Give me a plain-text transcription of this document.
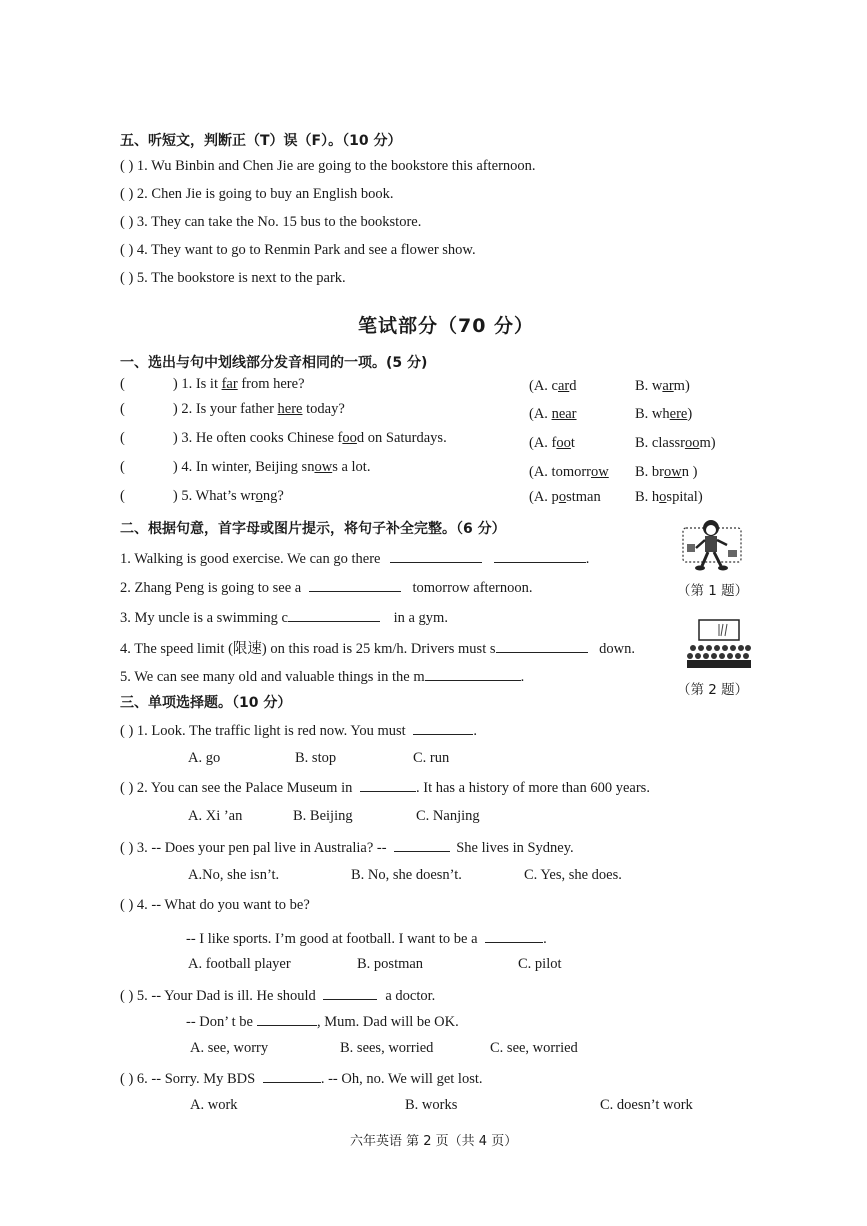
五、听短文，判断正（T）误（F）。（10 分）
( ) 1. Wu Binbin and Chen Jie are going to the bookstore this afternoon.
( ) 2. Chen Jie is going to buy an English book.
( ) 3. They can take the No. 15 bus to the bookstore.
( ) 4. They want to go to Renmin Park and see a flower show.
( ) 5. The bookstore is next to the park.
笔试部分（70 分）
一、选出与句中划线部分发音相同的一项。(5 分)
(	) 1. Is it far from here?	(A. card	B. warm)
(	) 2. Is your father here today?	(A. near	B. where)
(	) 3. He often cooks Chinese food on Saturdays.	(A. foot	B. classroom)
(	) 4. In winter, Beijing snows a lot.	(A. tomorrow B. brown )
(	) 5. What’s wrong?	(A. postman B. hospital)
二、根据句意，首字母或图片提示，将句子补全完整。（6 分）
1. Walking is good exercise. We can go there	.
2. Zhang Peng is going to see a	tomorrow afternoon.
3. My uncle is a swimming c	in a gym.
4. The speed limit (限速) on this road is 25 km/h. Drivers must s	down.
5. We can see many old and valuable things in the m	.
（第 1 题）
（第 2 题）
三、单项选择题。（10 分）
( ) 1. Look. The traffic light is red now. You must	.
A. go	B. stop	C. run
( ) 2. You can see the Palace Museum in	. It has a history of more than 600 years.
A. Xi ’an	B. Beijing	C. Nanjing
( ) 3. -- Does your pen pal live in Australia? --	She lives in Sydney.
A.No, she isn’t.	B. No, she doesn’t.	C. Yes, she does.
( ) 4. -- What do you want to be?
-- I like sports. I’m good at football. I want to be a	.
A. football player	B. postman	C. pilot
( ) 5. -- Your Dad is ill. He should	a doctor.
-- Don’ t be	, Mum. Dad will be OK.
A. see, worry	B. sees, worried	C. see, worried
( ) 6. -- Sorry. My BDS	. -- Oh, no. We will get lost.
A. work	B. works	C. doesn’t work
六年英语 第 2 页（共 4 页）
